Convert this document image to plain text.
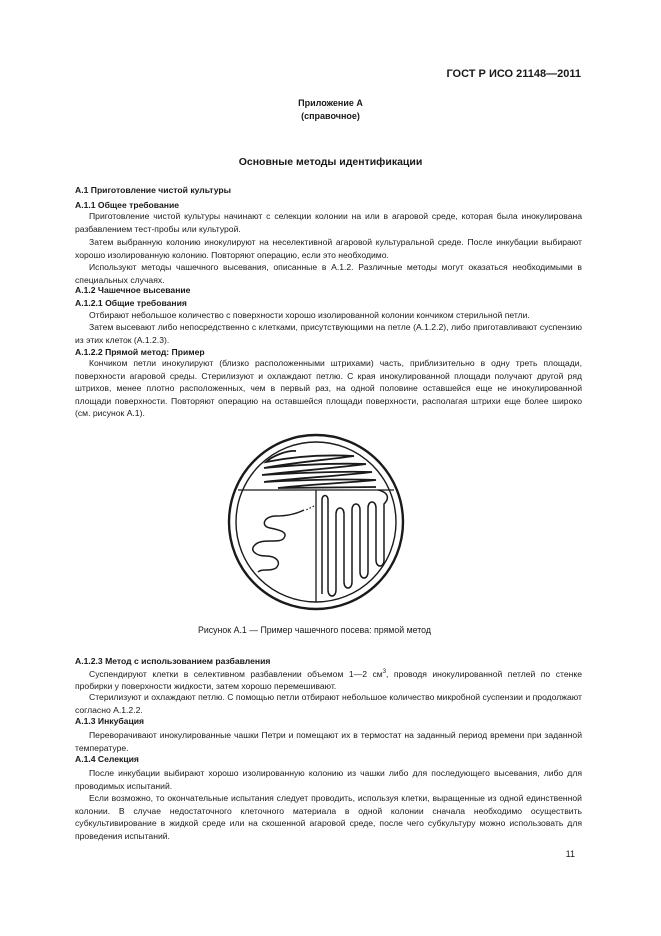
ГОСТ Р ИСО 21148—2011
Приложение А
(справочное)
Основные методы идентификации
А.1 Приготовление чистой культуры
А.1.1 Общее требование
Приготовление чистой культуры начинают с селекции колонии на или в агаровой среде, которая была инокулирована разбавлением тест-пробы или культурой.
Затем выбранную колонию инокулируют на неселективной агаровой культуральной среде. После инкубации выбирают хорошо изолированную колонию. Повторяют операцию, если это необходимо.
Используют методы чашечного высевания, описанные в А.1.2. Различные методы могут оказаться необходимыми в специальных случаях.
А.1.2 Чашечное высевание
А.1.2.1 Общие требования
Отбирают небольшое количество с поверхности хорошо изолированной колонии кончиком стерильной петли.
Затем высевают либо непосредственно с клетками, присутствующими на петле (А.1.2.2), либо приготавливают суспензию из этих клеток (А.1.2.3).
А.1.2.2 Прямой метод: Пример
Кончиком петли инокулируют (близко расположенными штрихами) часть, приблизительно в одну треть площади, поверхности агаровой среды. Стерилизуют и охлаждают петлю. С края инокулированной площади получают другой ряд штрихов, менее плотно расположенных, чем в первый раз, на одной половине оставшейся еще не инокулированной площади поверхности. Повторяют операцию на оставшейся площади поверхности, располагая штрихи еще более широко (см. рисунок А.1).
Рисунок А.1 — Пример чашечного посева: прямой метод
А.1.2.3 Метод с использованием разбавления
Суспендируют клетки в селективном разбавлении объемом 1—2 $см^3$, проводя инокулированной петлей по стенке пробирки у поверхности жидкости, затем хорошо перемешивают.
Стерилизуют и охлаждают петлю. С помощью петли отбирают небольшое количество микробной суспензии и продолжают согласно А.1.2.2.
А.1.3 Инкубация
Переворачивают инокулированные чашки Петри и помещают их в термостат на заданный период времени при заданной температуре.
А.1.4 Селекция
После инкубации выбирают хорошо изолированную колонию из чашки либо для последующего высевания, либо для проводимых испытаний.
Если возможно, то окончательные испытания следует проводить, используя клетки, выращенные из одной единственной колонии. В случае недостаточного клеточного материала в одной колонии сначала необходимо осуществить субкультивирование в жидкой среде или на скошенной агаровой среде, после чего субкультуру можно использовать для проведения испытаний.
11
